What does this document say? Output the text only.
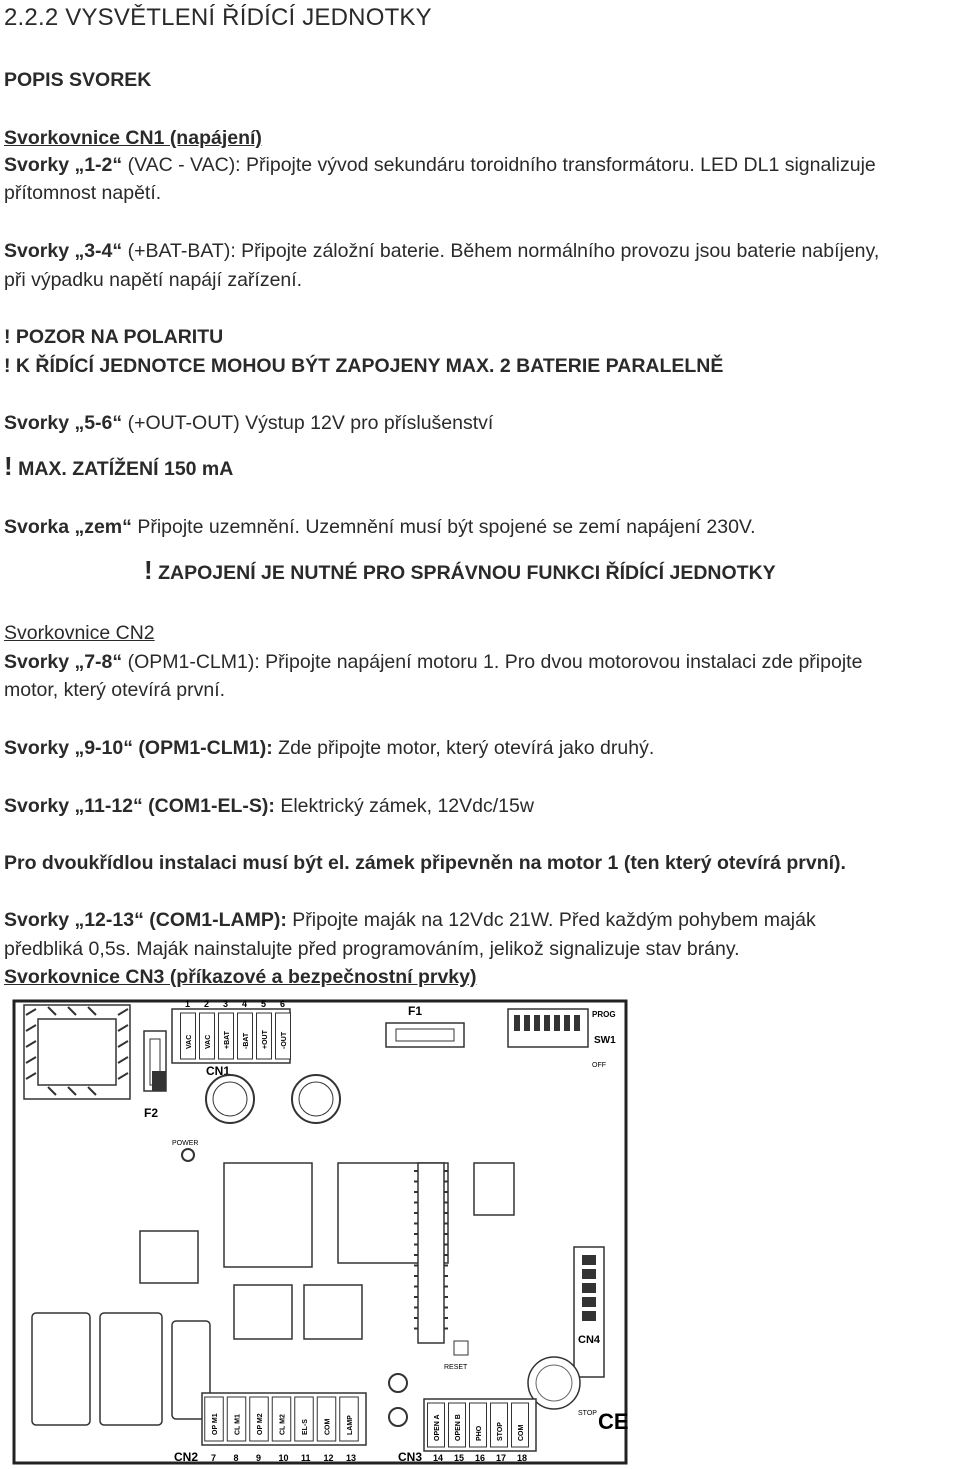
2.2.2 VYSVĚTLENÍ ŘÍDÍCÍ JEDNOTKY
POPIS SVOREK
Svorkovnice CN1 (napájení)
Svorky „1-2“ (VAC - VAC): Připojte vývod sekundáru toroidního transformátoru. LED DL1 signalizuje
přítomnost napětí.
Svorky „3-4“ (+BAT-BAT): Připojte záložní baterie. Během normálního provozu jsou baterie nabíjeny,
při výpadku napětí napájí zařízení.
! POZOR NA POLARITU
! K ŘÍDÍCÍ JEDNOTCE MOHOU BÝT ZAPOJENY MAX. 2 BATERIE PARALELNĚ
Svorky „5-6“ (+OUT-OUT) Výstup 12V pro příslušenství
! MAX. ZATÍŽENÍ 150 mA
Svorka „zem“ Připojte uzemnění. Uzemnění musí být spojené se zemí napájení 230V.
! ZAPOJENÍ JE NUTNÉ PRO SPRÁVNOU FUNKCI ŘÍDÍCÍ JEDNOTKY
Svorkovnice CN2
Svorky „7-8“ (OPM1-CLM1): Připojte napájení motoru 1. Pro dvou motorovou instalaci zde připojte
motor, který otevírá první.
Svorky „9-10“ (OPM1-CLM1): Zde připojte motor, který otevírá jako druhý.
Svorky „11-12“ (COM1-EL-S): Elektrický zámek, 12Vdc/15w
Pro dvoukřídlou instalaci musí být el. zámek připevněn na motor 1 (ten který otevírá první).
Svorky „12-13“ (COM1-LAMP): Připojte maják na 12Vdc 21W. Před každým pohybem maják
předbliká 0,5s. Maják nainstalujte před programováním, jelikož signalizuje stav brány.
Svorkovnice CN3 (příkazové a bezpečnostní prvky)
F2
1 2 3 4 5 6
VAC VAC +BAT -BAT +OUT -OUT
CN1
POWER
F1	PROG
SW1
OFF
RESET
CN4
STOP CE
OP M1 CL M1 OP M2 CL M2 EL-S COM LAMP
7 8 9 10 11 12 13
CN2
OPEN A OPEN B PHO STOP COM
14 15 16 17 18
CN3
